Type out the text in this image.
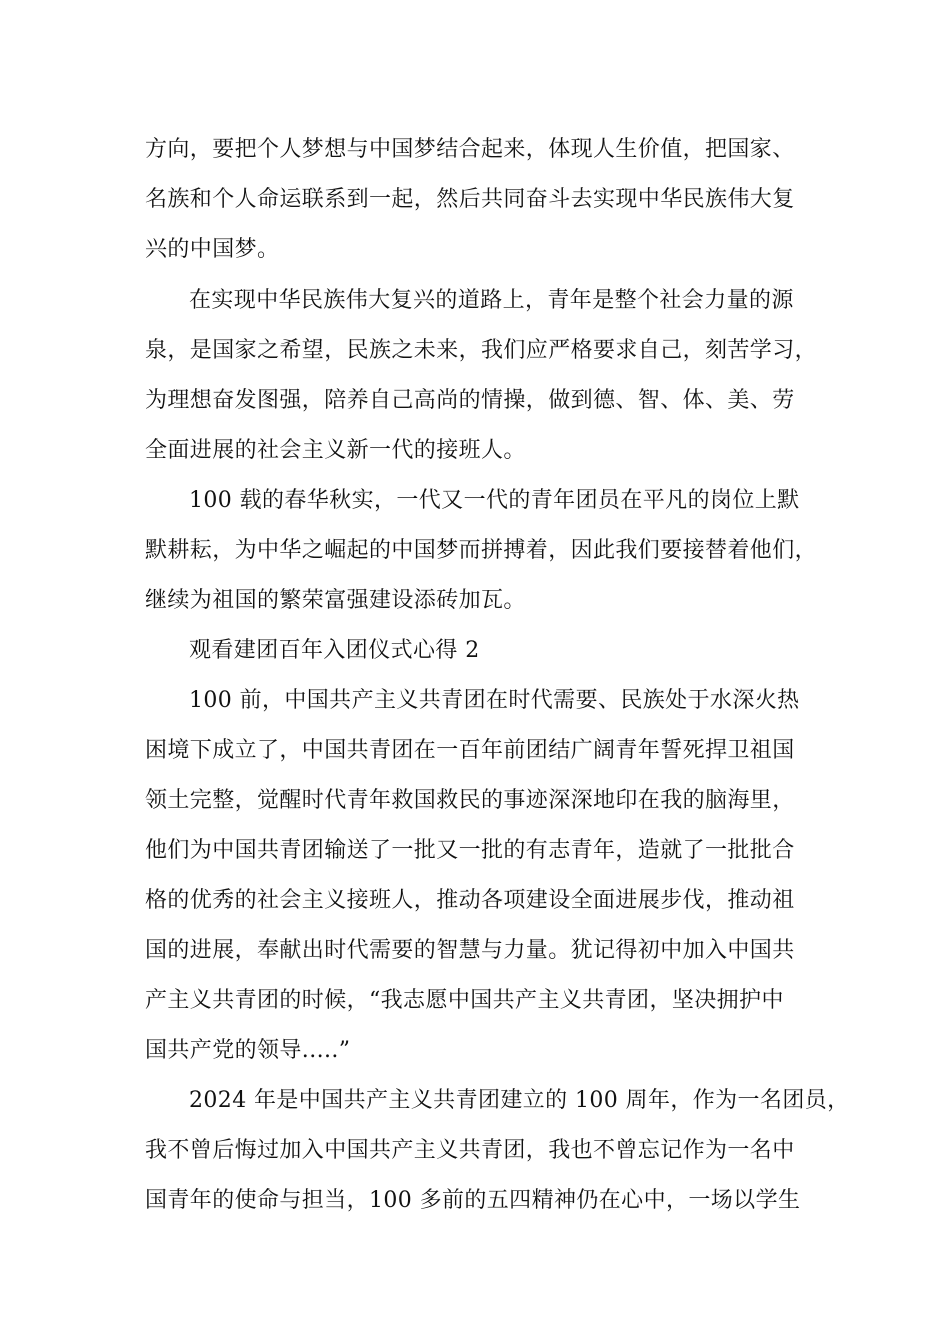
方向，要把个人梦想与中国梦结合起来，体现人生价值，把国家、
名族和个人命运联系到一起，然后共同奋斗去实现中华民族伟大复
兴的中国梦。
在实现中华民族伟大复兴的道路上，青年是整个社会力量的源
泉，是国家之希望，民族之未来，我们应严格要求自己，刻苦学习，
为理想奋发图强，陪养自己高尚的情操，做到德、智、体、美、劳
全面进展的社会主义新一代的接班人。
100 载的春华秋实，一代又一代的青年团员在平凡的岗位上默
默耕耘，为中华之崛起的中国梦而拼搏着，因此我们要接替着他们，
继续为祖国的繁荣富强建设添砖加瓦。
观看建团百年入团仪式心得 2
100 前，中国共产主义共青团在时代需要、民族处于水深火热
困境下成立了，中国共青团在一百年前团结广阔青年誓死捍卫祖国
领土完整，觉醒时代青年救国救民的事迹深深地印在我的脑海里，
他们为中国共青团输送了一批又一批的有志青年，造就了一批批合
格的优秀的社会主义接班人，推动各项建设全面进展步伐，推动祖
国的进展，奉献出时代需要的智慧与力量。犹记得初中加入中国共
产主义共青团的时候，“我志愿中国共产主义共青团，坚决拥护中
国共产党的领导.....”
2024 年是中国共产主义共青团建立的 100 周年，作为一名团员，
我不曾后悔过加入中国共产主义共青团，我也不曾忘记作为一名中
国青年的使命与担当，100 多前的五四精神仍在心中，一场以学生
